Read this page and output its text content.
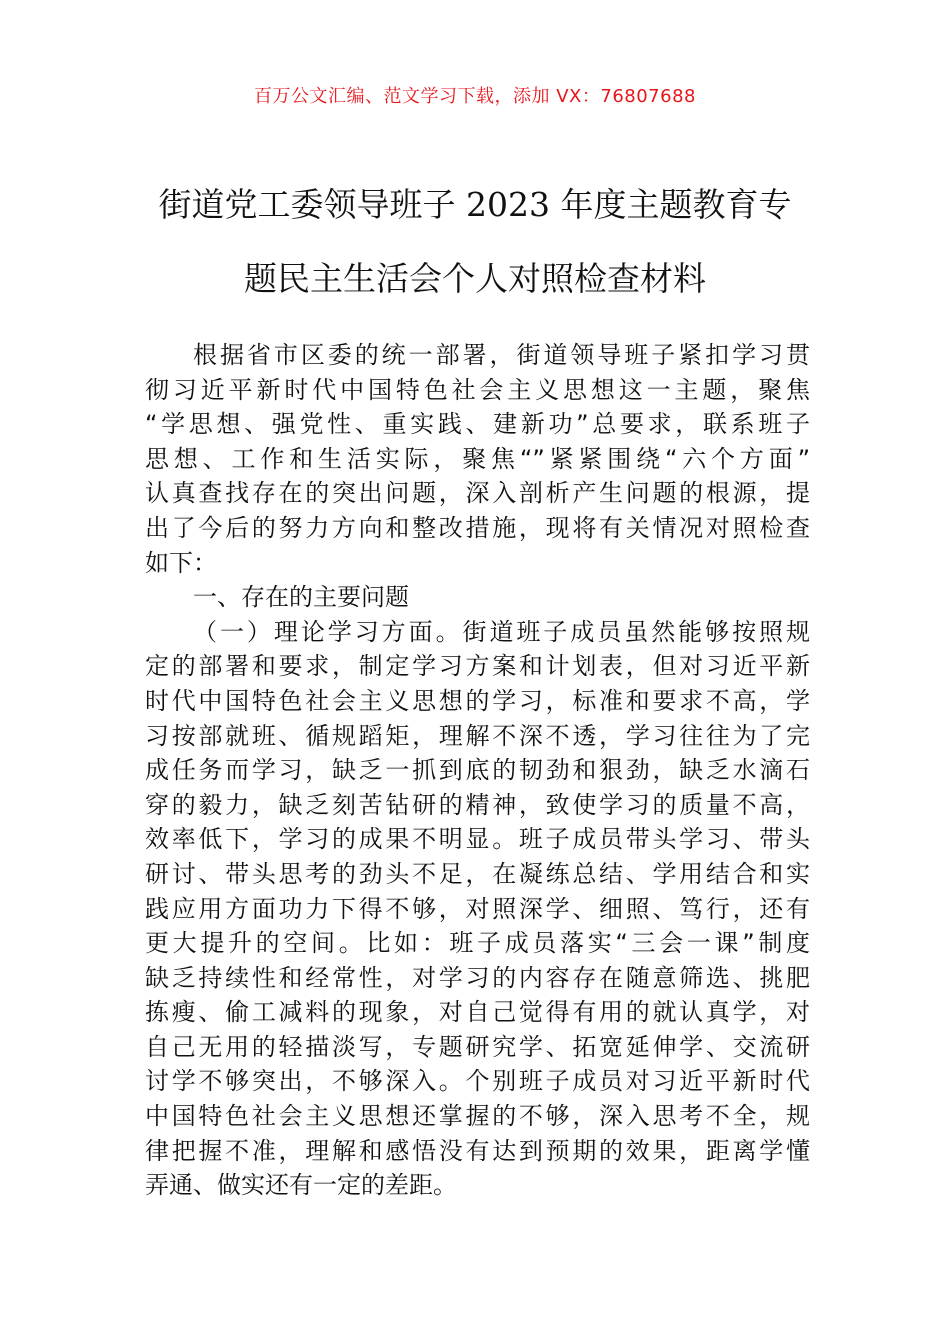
百万公文汇编、范文学习下载，添加 VX：76807688
街道党工委领导班子 2023 年度主题教育专
题民主生活会个人对照检查材料
根据省市区委的统一部署，街道领导班子紧扣学习贯
彻习近平新时代中国特色社会主义思想这一主题，聚焦
“学思想、强党性、重实践、建新功”总要求，联系班子
思想、工作和生活实际，聚焦“”紧紧围绕“六个方面”
认真查找存在的突出问题，深入剖析产生问题的根源，提
出了今后的努力方向和整改措施，现将有关情况对照检查
如下：
一、存在的主要问题
（一）理论学习方面。街道班子成员虽然能够按照规
定的部署和要求，制定学习方案和计划表，但对习近平新
时代中国特色社会主义思想的学习，标准和要求不高，学
习按部就班、循规蹈矩，理解不深不透，学习往往为了完
成任务而学习，缺乏一抓到底的韧劲和狠劲，缺乏水滴石
穿的毅力，缺乏刻苦钻研的精神，致使学习的质量不高，
效率低下，学习的成果不明显。班子成员带头学习、带头
研讨、带头思考的劲头不足，在凝练总结、学用结合和实
践应用方面功力下得不够，对照深学、细照、笃行，还有
更大提升的空间。比如：班子成员落实“三会一课”制度
缺乏持续性和经常性，对学习的内容存在随意筛选、挑肥
拣瘦、偷工减料的现象，对自己觉得有用的就认真学，对
自己无用的轻描淡写，专题研究学、拓宽延伸学、交流研
讨学不够突出，不够深入。个别班子成员对习近平新时代
中国特色社会主义思想还掌握的不够，深入思考不全，规
律把握不准，理解和感悟没有达到预期的效果，距离学懂
弄通、做实还有一定的差距。
